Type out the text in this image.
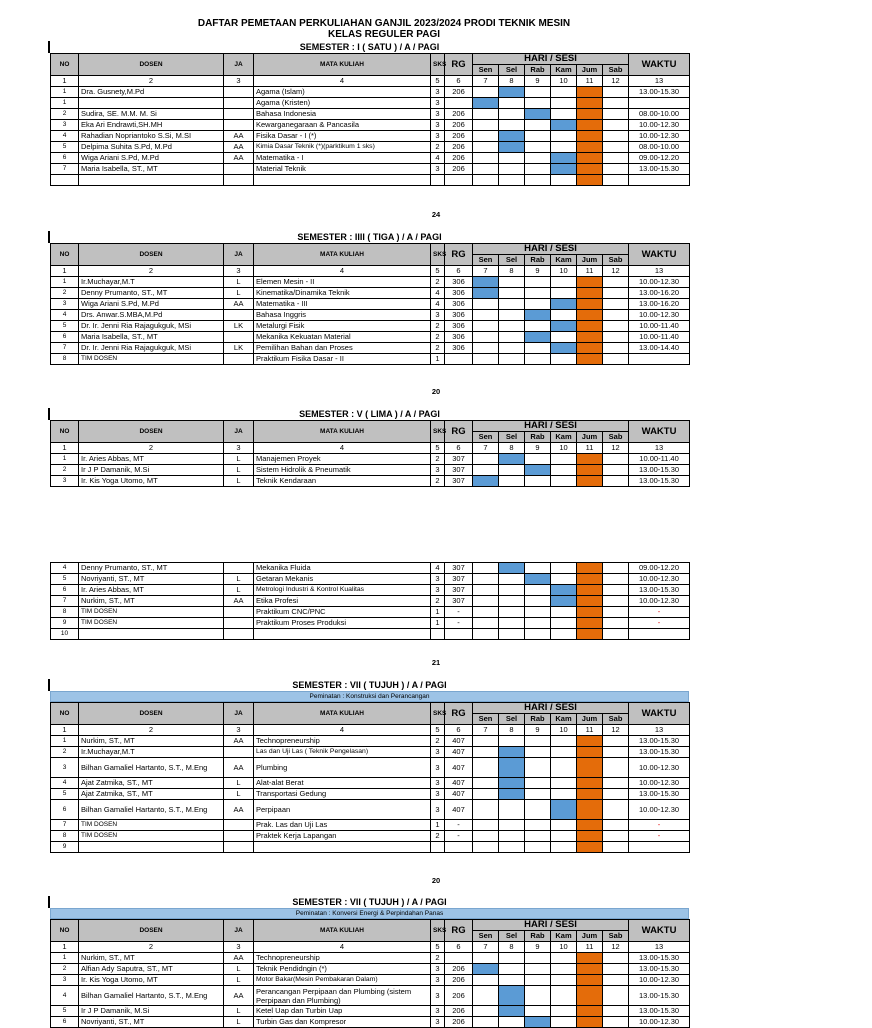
DAFTAR PEMETAAN PERKULIAHAN GANJIL 2023/2024 PRODI TEKNIK MESIN
KELAS REGULER PAGI
SEMESTER : I ( SATU ) / A / PAGI
NO	DOSEN	JA	MATA KULIAH	SKS	RG	HARI / SESI						WAKTU
						Sen	Sel	Rab	Kam	Jum	Sab	
1	2	3	4	5	6	7	8	9	10	11	12	13
1	Dra. Gusnety,M.Pd		Agama (Islam)	3	206							13.00-15.30
1			Agama (Kristen)	3								
2	Sudira, SE. M.M. M. Si		Bahasa Indonesia	3	206							08.00-10.00
3	Eka Ari Endrawti,SH.MH		Kewarganegaraan & Pancasila	3	206							10.00-12.30
4	Rahadian Nopriantoko S.Si, M.SI	AA	Fisika Dasar - I (*)	3	206							10.00-12.30
5	Delpima Suhita S.Pd, M.Pd	AA	Kimia Dasar Teknik (*)(parktikum 1 sks)	2	206							08.00-10.00
6	Wiga Ariani S.Pd, M.Pd	AA	Matematika - I	4	206							09.00-12.20
7	Maria Isabella, ST., MT		Material Teknik	3	206							13.00-15.30

24
SEMESTER : IIII ( TIGA ) / A / PAGI
NO	DOSEN	JA	MATA KULIAH	SKS	RG	HARI / SESI						WAKTU
						Sen	Sel	Rab	Kam	Jum	Sab	
1	2	3	4	5	6	7	8	9	10	11	12	13
1	Ir.Muchayar,M.T	L	Elemen Mesin - II	2	306							10.00-12.30
2	Denny Prumanto, ST., MT	L	Kinematika/Dinamika Teknik	4	306							13.00-16.20
3	Wiga Ariani S.Pd, M.Pd	AA	Matematika - III	4	306							13.00-16.20
4	Drs. Anwar.S.MBA,M.Pd		Bahasa Inggris	3	306							10.00-12.30
5	Dr. Ir. Jenni Ria Rajagukguk, MSi	LK	Metalurgi Fisik	2	306							10.00-11.40
6	Maria Isabella, ST., MT		Mekanika Kekuatan Material	2	306							10.00-11.40
7	Dr. Ir. Jenni Ria Rajagukguk, MSi	LK	Pemilihan Bahan dan Proses	2	306							13.00-14.40
8	TIM DOSEN		Praktikum Fisika Dasar - II	1								
20
SEMESTER : V ( LIMA ) / A / PAGI
NO	DOSEN	JA	MATA KULIAH	SKS	RG	HARI / SESI						WAKTU
						Sen	Sel	Rab	Kam	Jum	Sab	
1	2	3	4	5	6	7	8	9	10	11	12	13
1	Ir. Aries Abbas, MT	L	Manajemen Proyek	2	307							10.00-11.40
2	Ir J P Damanik, M.Si	L	Sistem Hidrolik & Pneumatik	3	307							13.00-15.30
3	Ir. Kis Yoga Utomo, MT	L	Teknik Kendaraan	2	307							13.00-15.30
4	Denny Prumanto, ST., MT		Mekanika Fluida	4	307							09.00-12.20
5	Novriyanti, ST., MT	L	Getaran Mekanis	3	307							10.00-12.30
6	Ir. Aries Abbas, MT	L	Metrologi Industri & Kontrol Kualitas	3	307							13.00-15.30
7	Nurkim, ST., MT	AA	Etika Profesi	2	307							10.00-12.30
8	TIM DOSEN		Praktikum CNC/PNC	1	-							-
9	TIM DOSEN		Praktikum Proses Produksi	1	-							-
10												
21
SEMESTER : VII ( TUJUH ) / A / PAGI
Peminatan : Konstruksi dan Perancangan
NO	DOSEN	JA	MATA KULIAH	SKS	RG	HARI / SESI						WAKTU
						Sen	Sel	Rab	Kam	Jum	Sab	
1	2	3	4	5	6	7	8	9	10	11	12	13
1	Nurkim, ST., MT	AA	Technopreneurship	2	407							13.00-15.30
2	Ir.Muchayar,M.T		Las dan Uji Las ( Teknik Pengelasan)	3	407							13.00-15.30
3	Bilhan Gamaliel Hartanto, S.T., M.Eng	AA	Plumbing	3	407							10.00-12.30
4	Ajat Zatmika, ST., MT	L	Alat-alat Berat	3	407							10.00-12.30
5	Ajat Zatmika, ST., MT	L	Transportasi Gedung	3	407							13.00-15.30
6	Bilhan Gamaliel Hartanto, S.T., M.Eng	AA	Perpipaan	3	407							10.00-12.30
7	TIM DOSEN		Prak. Las dan Uji Las	1	-							-
8	TIM DOSEN		Praktek Kerja Lapangan	2	-							-
9												
20
SEMESTER : VII ( TUJUH ) / A / PAGI
Peminatan : Konversi Energi & Perpindahan Panas
NO	DOSEN	JA	MATA KULIAH	SKS	RG	HARI / SESI						WAKTU
						Sen	Sel	Rab	Kam	Jum	Sab	
1	2	3	4	5	6	7	8	9	10	11	12	13
1	Nurkim, ST., MT	AA	Technopreneurship	2								13.00-15.30
2	Alfian Ady Saputra, ST., MT	L	Teknik Pendidngin (*)	3	206							13.00-15.30
3	Ir. Kis Yoga Utomo, MT	L	Motor Bakar(Mesin Pembakaran Dalam)	3	206							10.00-12.30
4	Bilhan Gamaliel Hartanto, S.T., M.Eng	AA	Perancangan Perpipaan dan Plumbing (sistem Perpipaan dan Plumbing)	3	206							13.00-15.30
5	Ir J P Damanik, M.Si	L	Ketel Uap dan Turbin Uap	3	206							13.00-15.30
6	Novriyanti, ST., MT	L	Turbin Gas dan Kompresor	3	206							10.00-12.30
